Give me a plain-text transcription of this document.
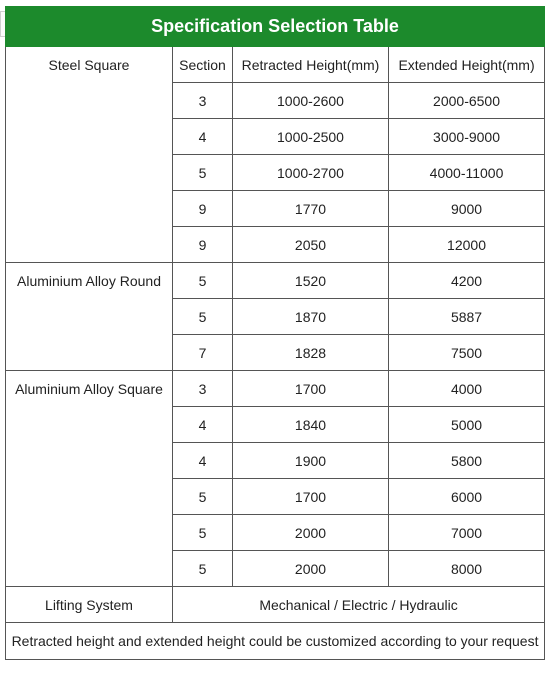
Specification Selection Table			
Steel Square	Section	Retracted Height(mm)	Extended Height(mm)
	3	1000-2600	2000-6500
	4	1000-2500	3000-9000
	5	1000-2700	4000-11000
	9	1770	9000
	9	2050	12000
Aluminium Alloy Round	5	1520	4200
	5	1870	5887
	7	1828	7500
Aluminium Alloy Square	3	1700	4000
	4	1840	5000
	4	1900	5800
	5	1700	6000
	5	2000	7000
	5	2000	8000
Lifting System	Mechanical / Electric / Hydraulic		
Retracted height and extended height could be customized according to your request			
